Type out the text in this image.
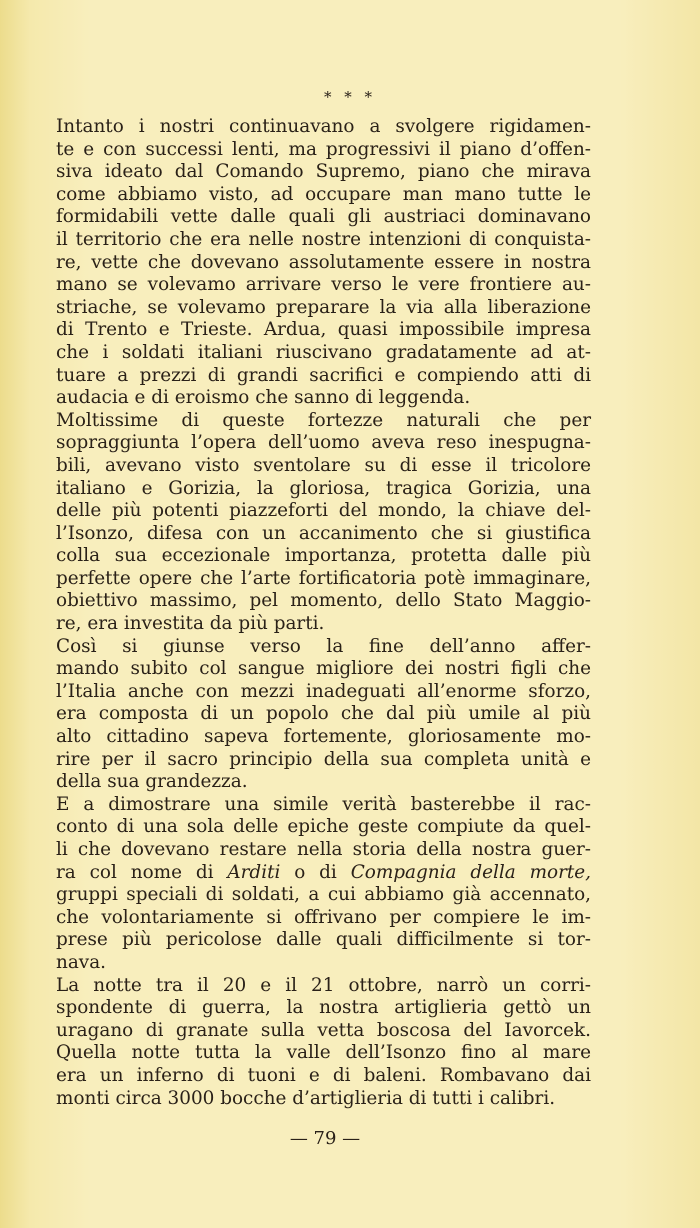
* * *
Intanto i nostri continuavano a svolgere rigidamen-
te e con successi lenti, ma progressivi il piano d’offen-
siva ideato dal Comando Supremo, piano che mirava
come abbiamo visto, ad occupare man mano tutte le
formidabili vette dalle quali gli austriaci dominavano
il territorio che era nelle nostre intenzioni di conquista-
re, vette che dovevano assolutamente essere in nostra
mano se volevamo arrivare verso le vere frontiere au-
striache, se volevamo preparare la via alla liberazione
di Trento e Trieste. Ardua, quasi impossibile impresa
che i soldati italiani riuscivano gradatamente ad at-
tuare a prezzi di grandi sacrifici e compiendo atti di
audacia e di eroismo che sanno di leggenda.
Moltissime di queste fortezze naturali che per
sopraggiunta l’opera dell’uomo aveva reso inespugna-
bili, avevano visto sventolare su di esse il tricolore
italiano e Gorizia, la gloriosa, tragica Gorizia, una
delle più potenti piazzeforti del mondo, la chiave del-
l’Isonzo, difesa con un accanimento che si giustifica
colla sua eccezionale importanza, protetta dalle più
perfette opere che l’arte fortificatoria potè immaginare,
obiettivo massimo, pel momento, dello Stato Maggio-
re, era investita da più parti.
Così si giunse verso la fine dell’anno affer-
mando subito col sangue migliore dei nostri figli che
l’Italia anche con mezzi inadeguati all’enorme sforzo,
era composta di un popolo che dal più umile al più
alto cittadino sapeva fortemente, gloriosamente mo-
rire per il sacro principio della sua completa unità e
della sua grandezza.
E a dimostrare una simile verità basterebbe il rac-
conto di una sola delle epiche geste compiute da quel-
li che dovevano restare nella storia della nostra guer-
ra col nome di Arditi o di Compagnia della morte,
gruppi speciali di soldati, a cui abbiamo già accennato,
che volontariamente si offrivano per compiere le im-
prese più pericolose dalle quali difficilmente si tor-
nava.
La notte tra il 20 e il 21 ottobre, narrò un corri-
spondente di guerra, la nostra artiglieria gettò un
uragano di granate sulla vetta boscosa del Iavorcek.
Quella notte tutta la valle dell’Isonzo fino al mare
era un inferno di tuoni e di baleni. Rombavano dai
monti circa 3000 bocche d’artiglieria di tutti i calibri.
— 79 —
